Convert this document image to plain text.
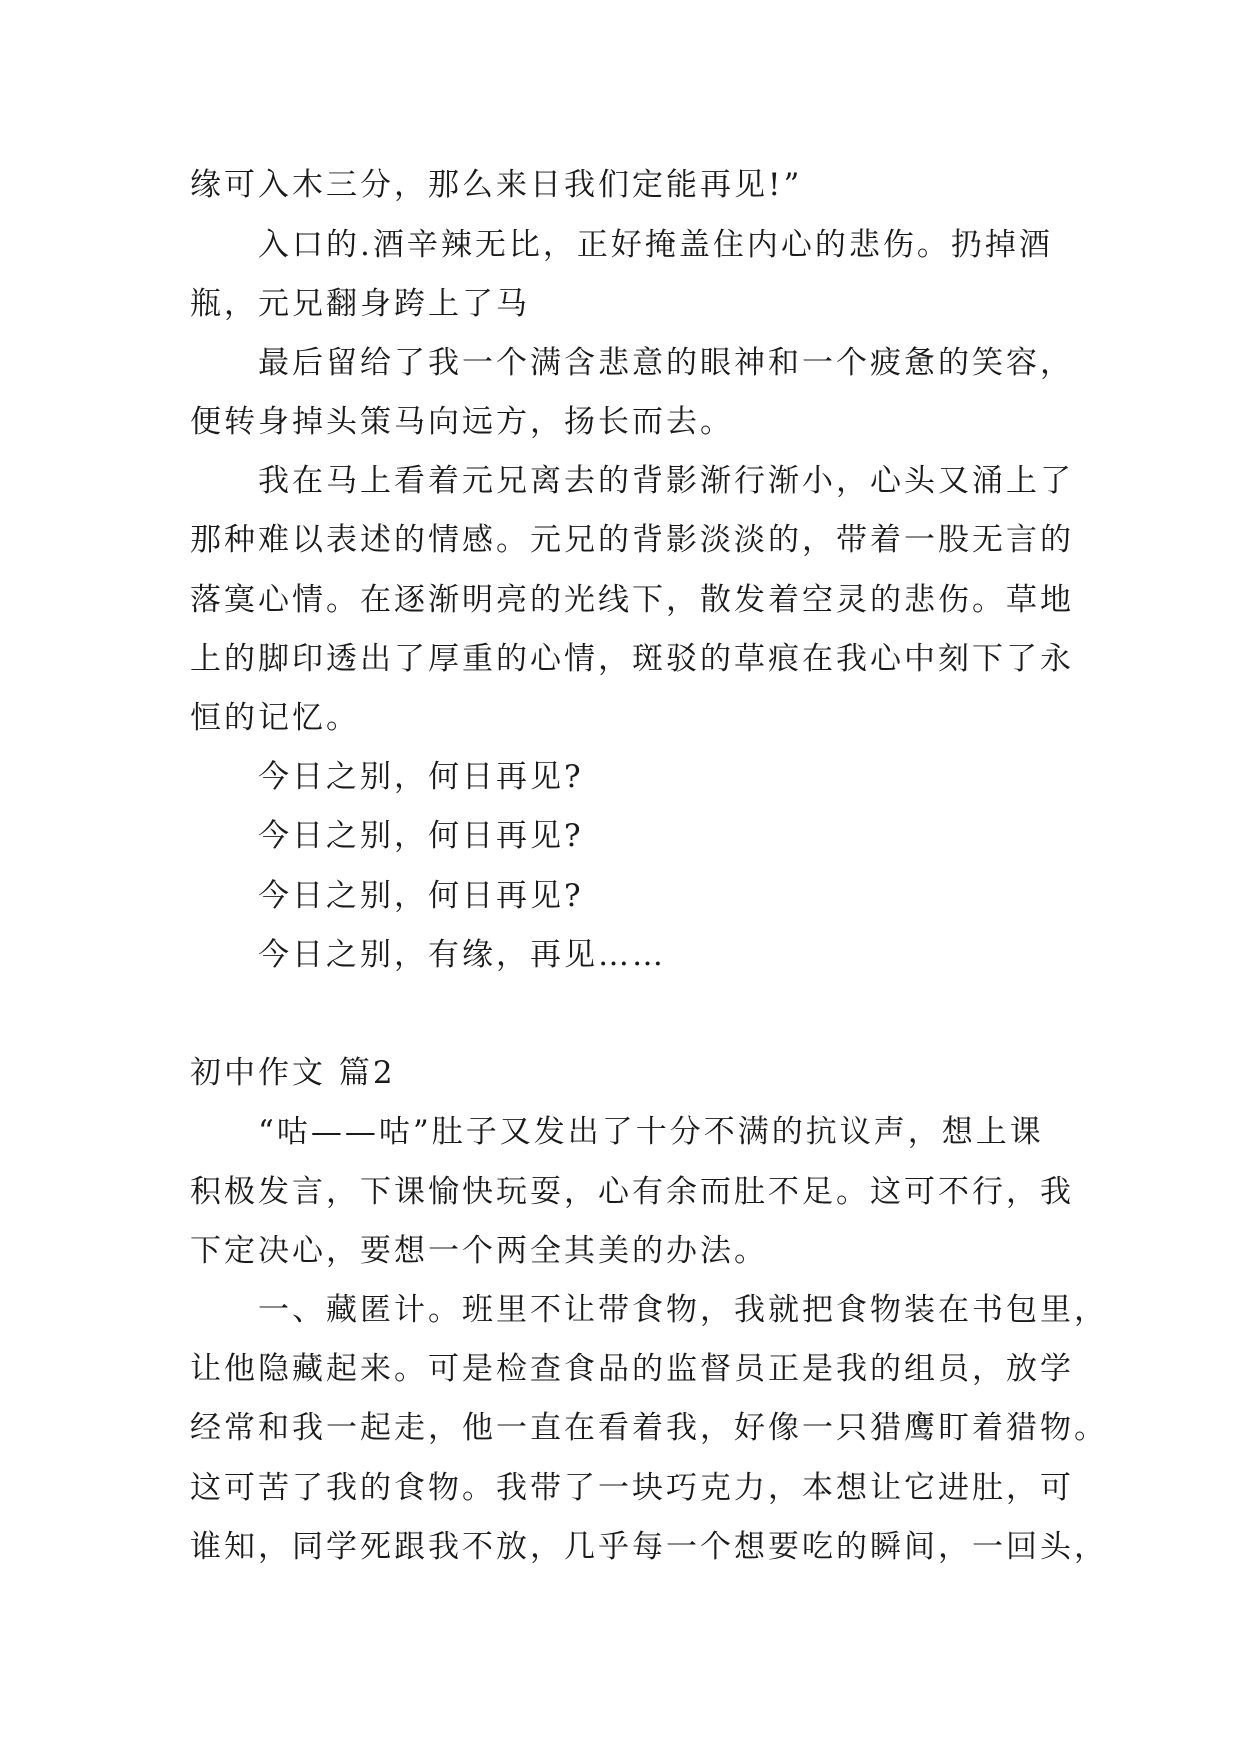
缘可入木三分，那么来日我们定能再见!”
入口的.酒辛辣无比，正好掩盖住内心的悲伤。扔掉酒
瓶，元兄翻身跨上了马
最后留给了我一个满含悲意的眼神和一个疲惫的笑容，
便转身掉头策马向远方，扬长而去。
我在马上看着元兄离去的背影渐行渐小，心头又涌上了
那种难以表述的情感。元兄的背影淡淡的，带着一股无言的
落寞心情。在逐渐明亮的光线下，散发着空灵的悲伤。草地
上的脚印透出了厚重的心情，斑驳的草痕在我心中刻下了永
恒的记忆。
今日之别，何日再见?
今日之别，何日再见?
今日之别，何日再见?
今日之别，有缘，再见……
初中作文 篇2
“咕——咕”肚子又发出了十分不满的抗议声，想上课
积极发言，下课愉快玩耍，心有余而肚不足。这可不行，我
下定决心，要想一个两全其美的办法。
一、藏匿计。班里不让带食物，我就把食物装在书包里，
让他隐藏起来。可是检查食品的监督员正是我的组员，放学
经常和我一起走，他一直在看着我，好像一只猎鹰盯着猎物。
这可苦了我的食物。我带了一块巧克力，本想让它进肚，可
谁知，同学死跟我不放，几乎每一个想要吃的瞬间，一回头，
